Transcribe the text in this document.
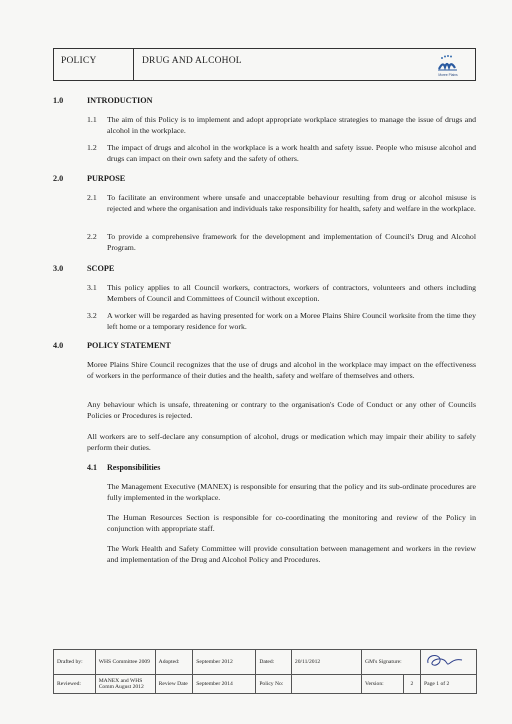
POLICY	DRUG AND ALCOHOL
Moree Plains
1.0	INTRODUCTION
1.1 The aim of this Policy is to implement and adopt appropriate workplace strategies to manage the issue of drugs and alcohol in the workplace.
1.2 The impact of drugs and alcohol in the workplace is a work health and safety issue. People who misuse alcohol and drugs can impact on their own safety and the safety of others.
2.0	PURPOSE
2.1 To facilitate an environment where unsafe and unacceptable behaviour resulting from drug or alcohol misuse is rejected and where the organisation and individuals take responsibility for health, safety and welfare in the workplace.
2.2 To provide a comprehensive framework for the development and implementation of Council's Drug and Alcohol Program.
3.0	SCOPE
3.1 This policy applies to all Council workers, contractors, workers of contractors, volunteers and others including Members of Council and Committees of Council without exception.
3.2 A worker will be regarded as having presented for work on a Moree Plains Shire Council worksite from the time they left home or a temporary residence for work.
4.0	POLICY STATEMENT
Moree Plains Shire Council recognizes that the use of drugs and alcohol in the workplace may impact on the effectiveness of workers in the performance of their duties and the health, safety and welfare of themselves and others.
Any behaviour which is unsafe, threatening or contrary to the organisation's Code of Conduct or any other of Councils Policies or Procedures is rejected.
All workers are to self-declare any consumption of alcohol, drugs or medication which may impair their ability to safely perform their duties.
4.1 Responsibilities
The Management Executive (MANEX) is responsible for ensuring that the policy and its sub-ordinate procedures are fully implemented in the workplace.
The Human Resources Section is responsible for co-coordinating the monitoring and review of the Policy in conjunction with appropriate staff.
The Work Health and Safety Committee will provide consultation between management and workers in the review and implementation of the Drug and Alcohol Policy and Procedures.
Drafted by:	WHS Committee 2009	Adopted:	September 2012	Dated:	20/11/2012	GM's Signature:	
Reviewed:	MANEX and WHS Comm August 2012	Review Date	September 2014	Policy No:		Version:	2	Page 1 of 2
